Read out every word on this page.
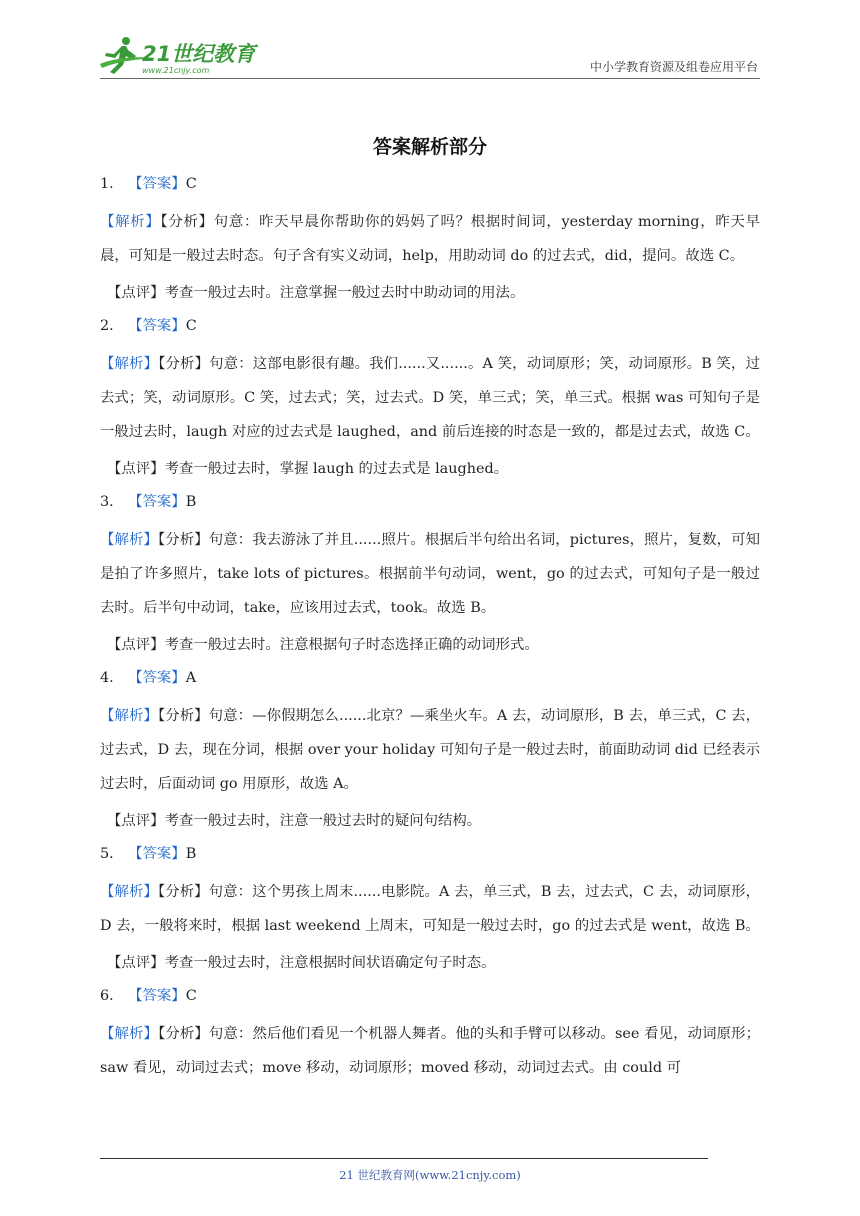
21世纪教育
www.21cnjy.com	中小学教育资源及组卷应用平台
答案解析部分
1． 【答案】C
【解析】【分析】句意：昨天早晨你帮助你的妈妈了吗？根据时间词，yesterday morning，昨天早晨，可知是一般过去时态。句子含有实义动词，help，用助动词 do 的过去式，did，提问。故选 C。
【点评】考查一般过去时。注意掌握一般过去时中助动词的用法。
2． 【答案】C
【解析】【分析】句意：这部电影很有趣。我们......又......。A 笑，动词原形；笑，动词原形。B 笑，过去式；笑，动词原形。C 笑，过去式；笑，过去式。D 笑，单三式；笑，单三式。根据 was 可知句子是一般过去时，laugh 对应的过去式是 laughed，and 前后连接的时态是一致的，都是过去式，故选 C。
【点评】考查一般过去时，掌握 laugh 的过去式是 laughed。
3． 【答案】B
【解析】【分析】句意：我去游泳了并且......照片。根据后半句给出名词，pictures，照片，复数，可知是拍了许多照片，take lots of pictures。根据前半句动词，went，go 的过去式，可知句子是一般过去时。后半句中动词，take，应该用过去式，took。故选 B。
【点评】考查一般过去时。注意根据句子时态选择正确的动词形式。
4． 【答案】A
【解析】【分析】句意：—你假期怎么......北京？—乘坐火车。A 去，动词原形，B 去，单三式，C 去，过去式，D 去，现在分词，根据 over your holiday 可知句子是一般过去时，前面助动词 did 已经表示过去时，后面动词 go 用原形，故选 A。
【点评】考查一般过去时，注意一般过去时的疑问句结构。
5． 【答案】B
【解析】【分析】句意：这个男孩上周末......电影院。A 去，单三式，B 去，过去式，C 去，动词原形，D 去，一般将来时，根据 last weekend 上周末，可知是一般过去时，go 的过去式是 went，故选 B。
【点评】考查一般过去时，注意根据时间状语确定句子时态。
6． 【答案】C
【解析】【分析】句意：然后他们看见一个机器人舞者。他的头和手臂可以移动。see 看见，动词原形；saw 看见，动词过去式；move 移动，动词原形；moved 移动，动词过去式。由 could 可
21 世纪教育网(www.21cnjy.com)
